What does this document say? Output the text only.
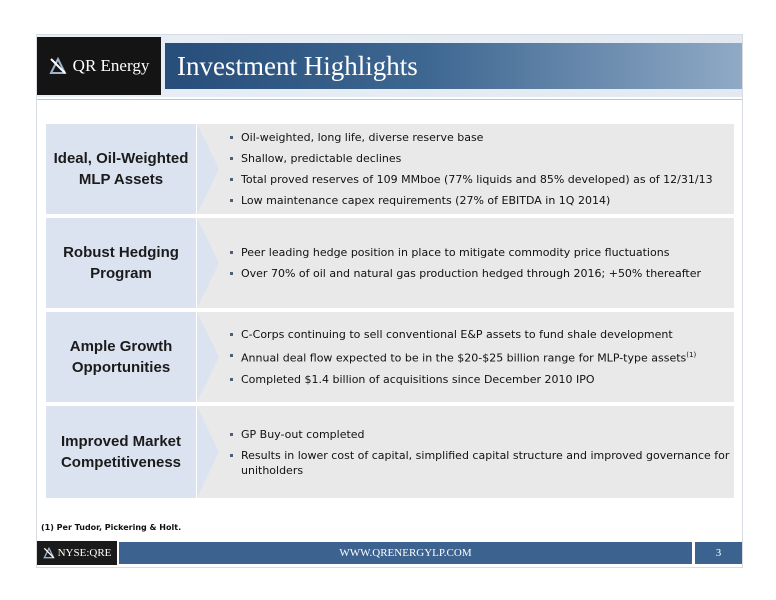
QR Energy Investment Highlights
Ideal, Oil-Weighted MLP Assets
Oil-weighted, long life, diverse reserve base
Shallow, predictable declines
Total proved reserves of 109 MMboe (77% liquids and 85% developed) as of 12/31/13
Low maintenance capex requirements (27% of EBITDA in 1Q 2014)
Robust Hedging Program
Peer leading hedge position in place to mitigate commodity price fluctuations
Over 70% of oil and natural gas production hedged through 2016; +50% thereafter
Ample Growth Opportunities
C-Corps continuing to sell conventional E&P assets to fund shale development
Annual deal flow expected to be in the $20-$25 billion range for MLP-type assets$^{(1)}$
Completed $1.4 billion of acquisitions since December 2010 IPO
Improved Market Competitiveness
GP Buy-out completed
Results in lower cost of capital, simplified capital structure and improved governance for unitholders
(1) Per Tudor, Pickering & Holt.
NYSE:QRE	WWW.QRENERGYLP.COM	3
